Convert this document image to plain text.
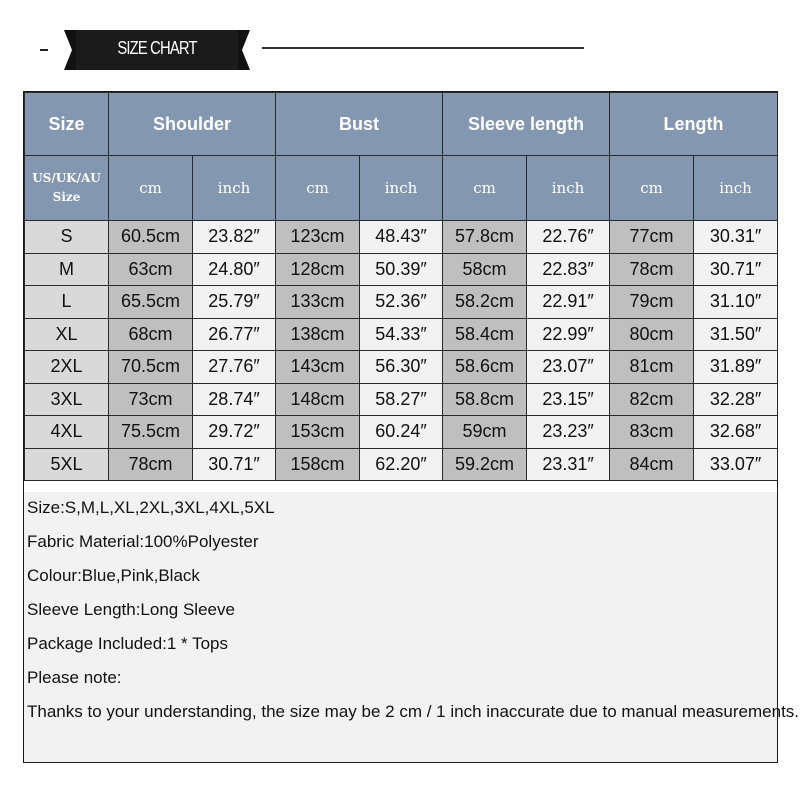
SIZE CHART
Size	Shoulder		Bust		Sleeve length		Length	

US/UK/AU
Size	cm	inch	cm	inch	cm	inch	cm	inch
S	60.5cm	23.82″	123cm	48.43″	57.8cm	22.76″	77cm	30.31″
M	63cm	24.80″	128cm	50.39″	58cm	22.83″	78cm	30.71″
L	65.5cm	25.79″	133cm	52.36″	58.2cm	22.91″	79cm	31.10″
XL	68cm	26.77″	138cm	54.33″	58.4cm	22.99″	80cm	31.50″
2XL	70.5cm	27.76″	143cm	56.30″	58.6cm	23.07″	81cm	31.89″
3XL	73cm	28.74″	148cm	58.27″	58.8cm	23.15″	82cm	32.28″
4XL	75.5cm	29.72″	153cm	60.24″	59cm	23.23″	83cm	32.68″
5XL	78cm	30.71″	158cm	62.20″	59.2cm	23.31″	84cm	33.07″
Size:S,M,L,XL,2XL,3XL,4XL,5XL
Fabric Material:100%Polyester
Colour:Blue,Pink,Black
Sleeve Length:Long Sleeve
Package Included:1 * Tops
Please note:
Thanks to your understanding, the size may be 2 cm / 1 inch inaccurate due to manual measurements.
